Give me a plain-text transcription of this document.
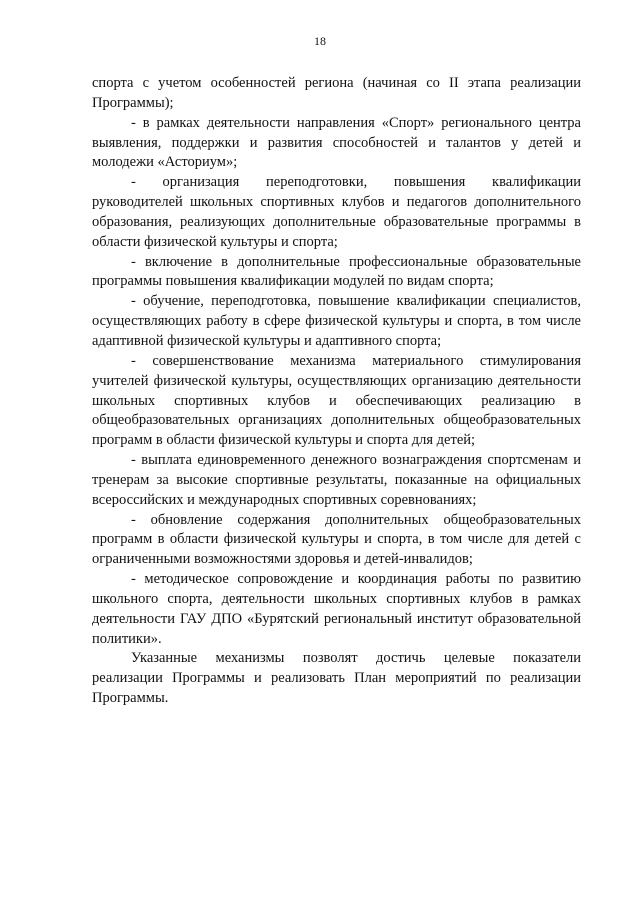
18

спорта с учетом особенностей региона (начиная со II этапа реализации Программы);

- в рамках деятельности направления «Спорт» регионального центра выявления, поддержки и развития способностей и талантов у детей и молодежи «Асториум»;

- организация переподготовки, повышения квалификации руководителей школьных спортивных клубов и педагогов дополнительного образования, реализующих дополнительные образовательные программы в области физической культуры и спорта;

- включение в дополнительные профессиональные образовательные программы повышения квалификации модулей по видам спорта;

- обучение, переподготовка, повышение квалификации специалистов, осуществляющих работу в сфере физической культуры и спорта, в том числе адаптивной физической культуры и адаптивного спорта;

- совершенствование механизма материального стимулирования учителей физической культуры, осуществляющих организацию деятельности школьных спортивных клубов и обеспечивающих реализацию в общеобразовательных организациях дополнительных общеобразовательных программ в области физической культуры и спорта для детей;

- выплата единовременного денежного вознаграждения спортсменам и тренерам за высокие спортивные результаты, показанные на официальных всероссийских и международных спортивных соревнованиях;

- обновление содержания дополнительных общеобразовательных программ в области физической культуры и спорта, в том числе для детей с ограниченными возможностями здоровья и детей-инвалидов;

- методическое сопровождение и координация работы по развитию школьного спорта, деятельности школьных спортивных клубов в рамках деятельности ГАУ ДПО «Бурятский региональный институт образовательной политики».

Указанные механизмы позволят достичь целевые показатели реализации Программы и реализовать План мероприятий по реализации Программы.
